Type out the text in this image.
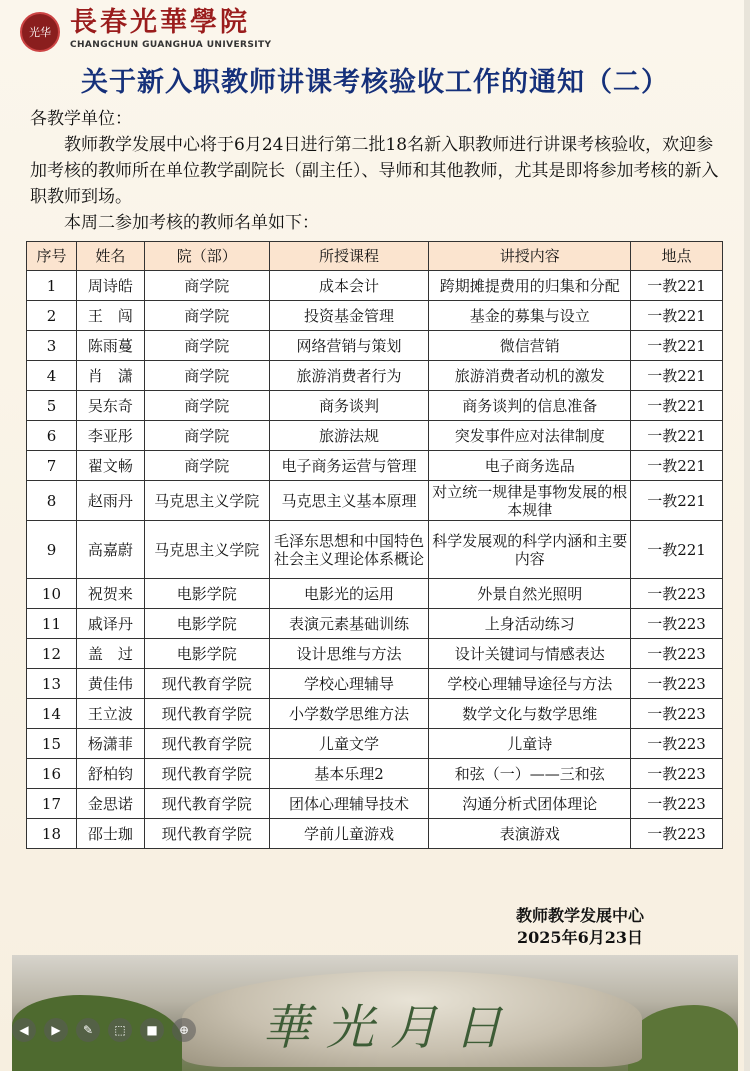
光华 長春光華學院
CHANGCHUN GUANGHUA UNIVERSITY
关于新入职教师讲课考核验收工作的通知（二）

各教学单位：

教师教学发展中心将于6月24日进行第二批18名新入职教师进行讲课考核验收，欢迎参加考核的教师所在单位教学副院长（副主任）、导师和其他教师，尤其是即将参加考核的新入职教师到场。

本周二参加考核的教师名单如下：

序号	姓名	院（部）	所授课程	讲授内容	地点
1	周诗皓	商学院	成本会计	跨期摊提费用的归集和分配	一教221
2	王　闯	商学院	投资基金管理	基金的募集与设立	一教221
3	陈雨蔓	商学院	网络营销与策划	微信营销	一教221
4	肖　潇	商学院	旅游消费者行为	旅游消费者动机的激发	一教221
5	吴东奇	商学院	商务谈判	商务谈判的信息准备	一教221
6	李亚彤	商学院	旅游法规	突发事件应对法律制度	一教221
7	翟文畅	商学院	电子商务运营与管理	电子商务选品	一教221
8	赵雨丹	马克思主义学院	马克思主义基本原理	对立统一规律是事物发展的根本规律	一教221
9	高嘉蔚	马克思主义学院	毛泽东思想和中国特色社会主义理论体系概论	科学发展观的科学内涵和主要内容	一教221
10	祝贺来	电影学院	电影光的运用	外景自然光照明	一教223
11	戚译丹	电影学院	表演元素基础训练	上身活动练习	一教223
12	盖　过	电影学院	设计思维与方法	设计关键词与情感表达	一教223
13	黄佳伟	现代教育学院	学校心理辅导	学校心理辅导途径与方法	一教223
14	王立波	现代教育学院	小学数学思维方法	数学文化与数学思维	一教223
15	杨潇菲	现代教育学院	儿童文学	儿童诗	一教223
16	舒柏钧	现代教育学院	基本乐理2	和弦（一）——三和弦	一教223
17	金思诺	现代教育学院	团体心理辅导技术	沟通分析式团体理论	一教223
18	邵士珈	现代教育学院	学前儿童游戏	表演游戏	一教223
教师教学发展中心
2025年6月23日
華光月日
◀	▶	✎	⬚	■	⊕
